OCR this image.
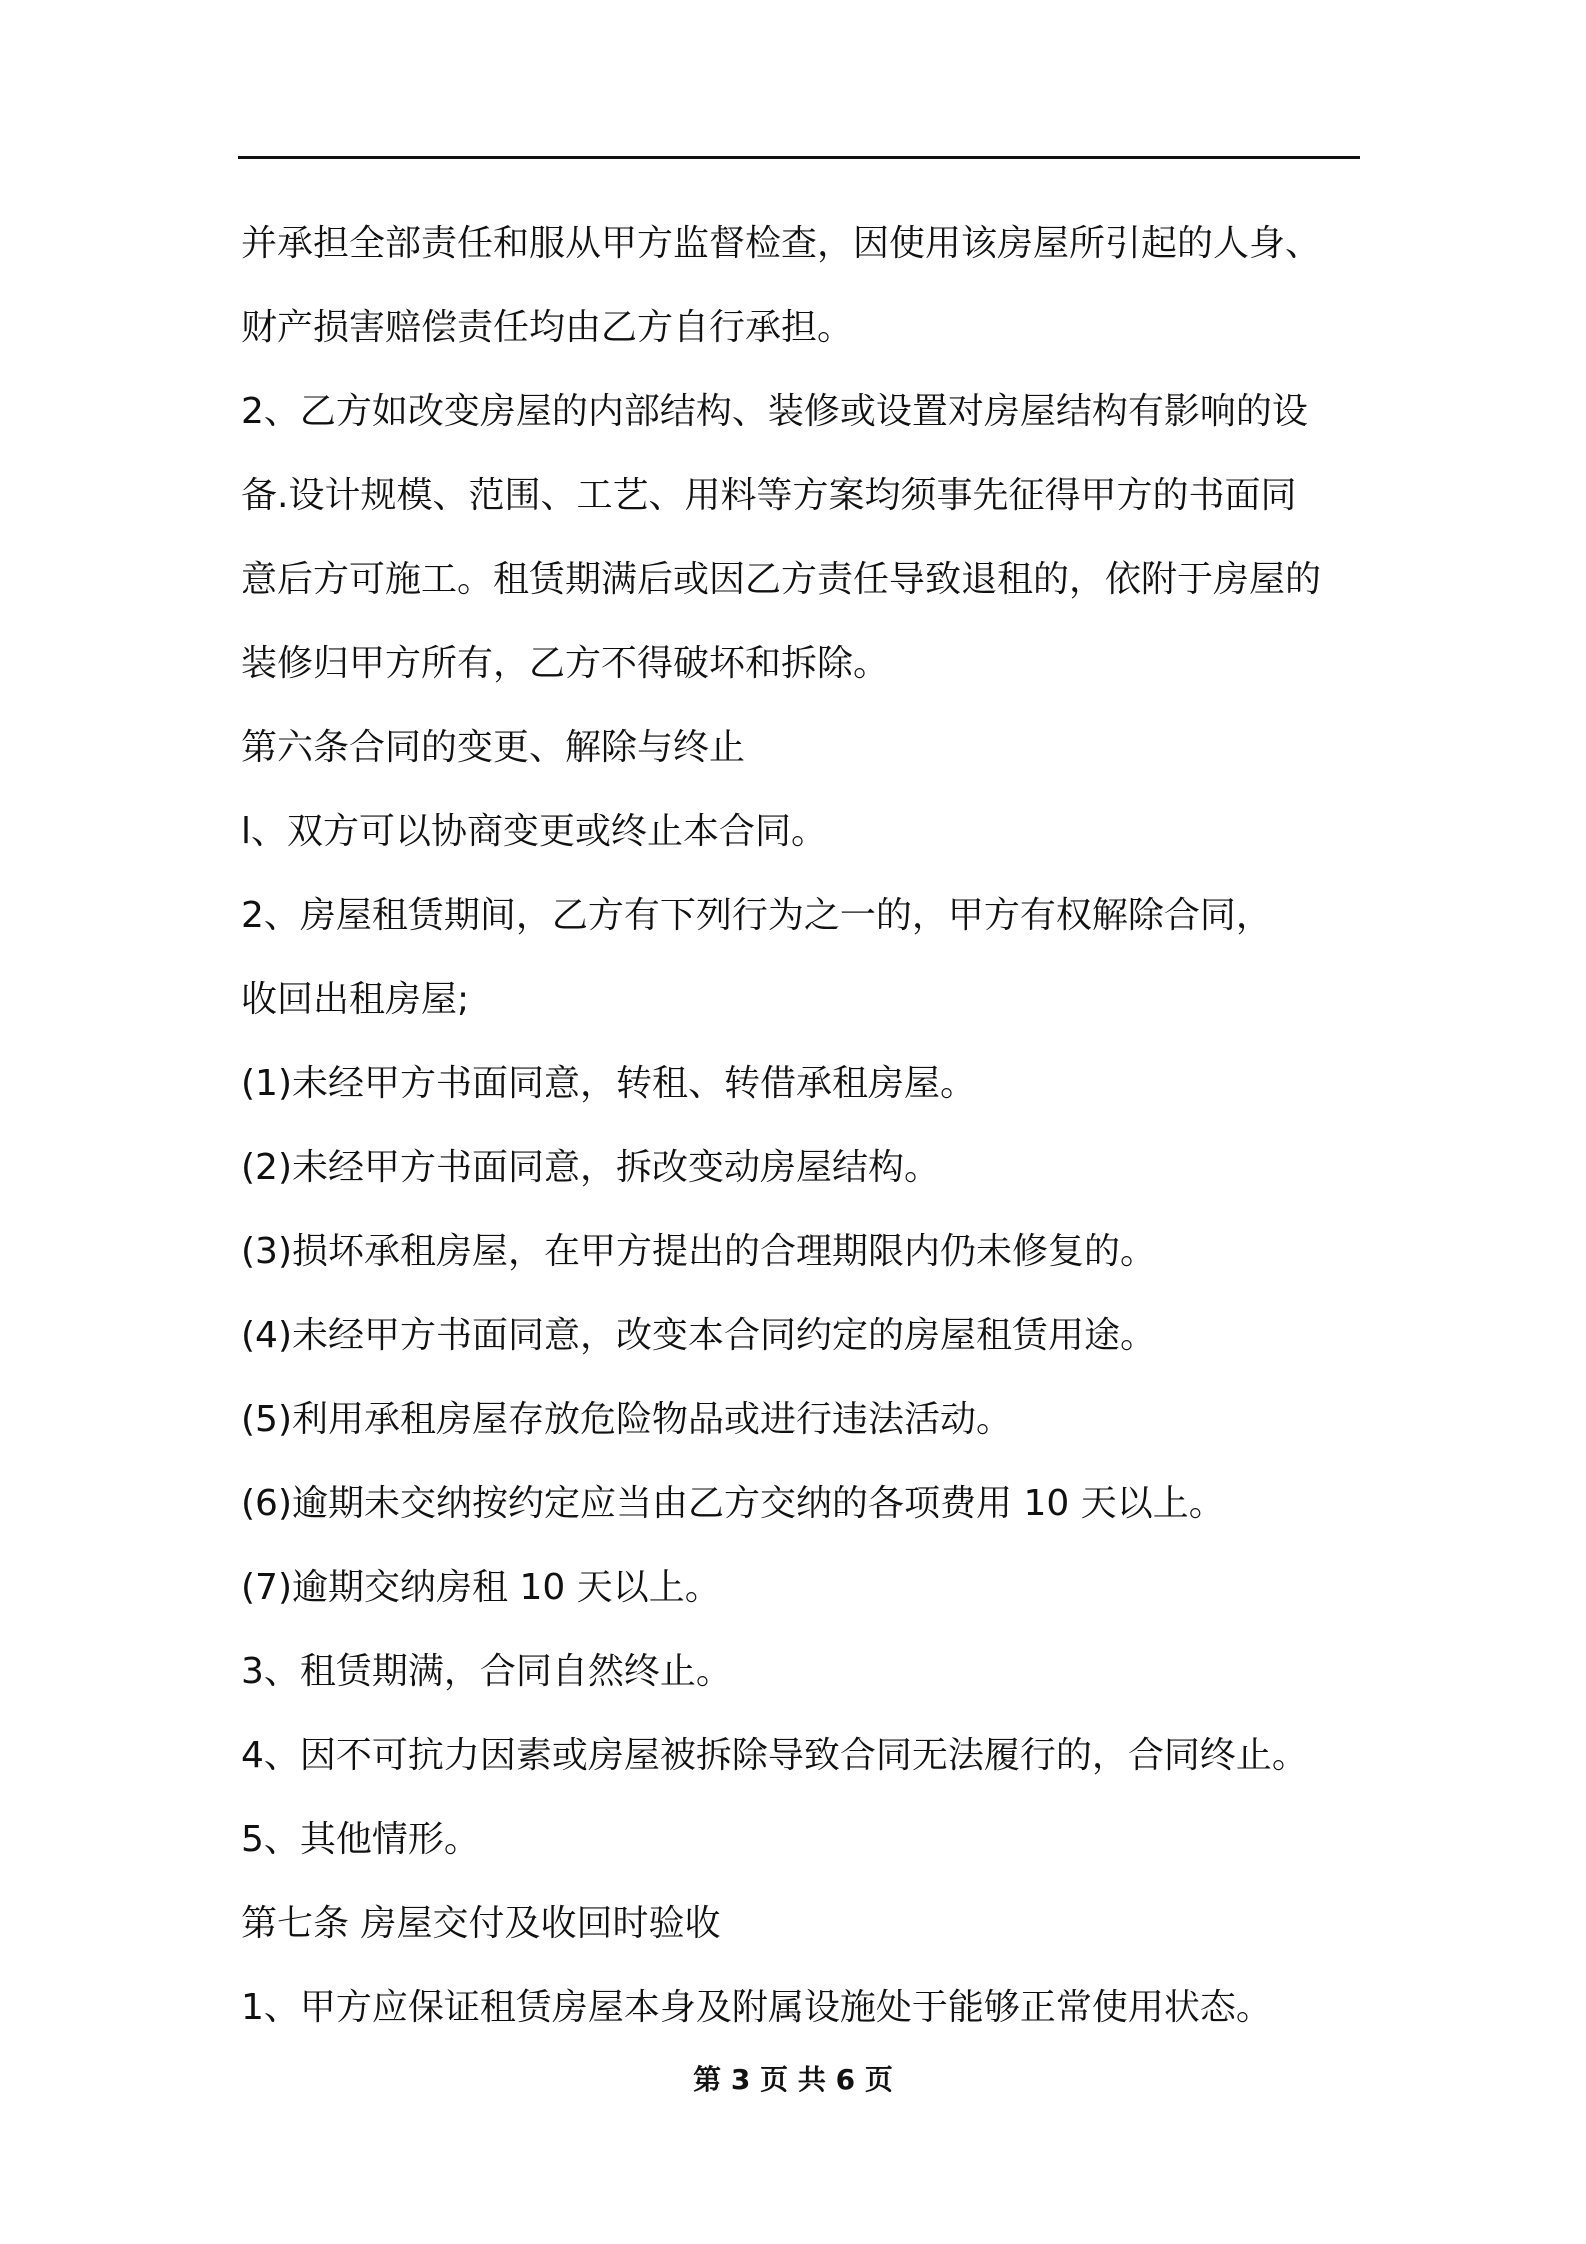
并承担全部责任和服从甲方监督检查，因使用该房屋所引起的人身、
财产损害赔偿责任均由乙方自行承担。
2、乙方如改变房屋的内部结构、装修或设置对房屋结构有影响的设
备.设计规模、范围、工艺、用料等方案均须事先征得甲方的书面同
意后方可施工。租赁期满后或因乙方责任导致退租的，依附于房屋的
装修归甲方所有，乙方不得破坏和拆除。
第六条合同的变更、解除与终止
l、双方可以协商变更或终止本合同。
2、房屋租赁期间，乙方有下列行为之一的，甲方有权解除合同，
收回出租房屋;
(1)未经甲方书面同意，转租、转借承租房屋。
(2)未经甲方书面同意，拆改变动房屋结构。
(3)损坏承租房屋，在甲方提出的合理期限内仍未修复的。
(4)未经甲方书面同意，改变本合同约定的房屋租赁用途。
(5)利用承租房屋存放危险物品或进行违法活动。
(6)逾期未交纳按约定应当由乙方交纳的各项费用 10 天以上。
(7)逾期交纳房租 10 天以上。
3、租赁期满，合同自然终止。
4、因不可抗力因素或房屋被拆除导致合同无法履行的，合同终止。
5、其他情形。
第七条 房屋交付及收回时验收
1、甲方应保证租赁房屋本身及附属设施处于能够正常使用状态。
第 3 页 共 6 页
